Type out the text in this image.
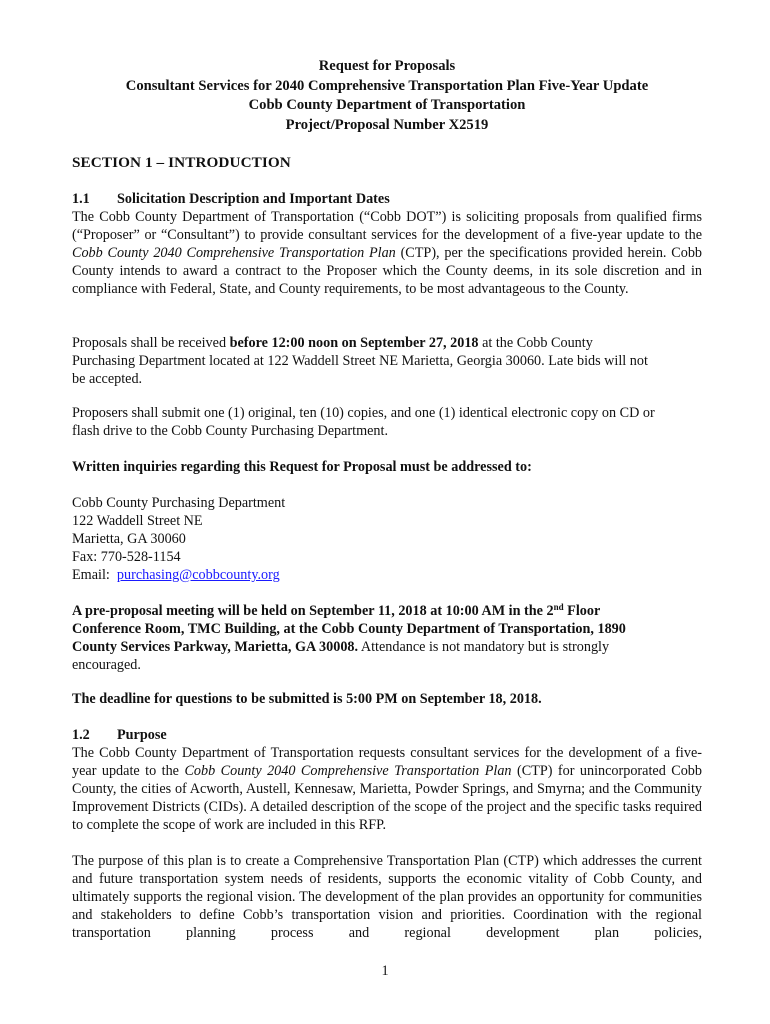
Request for Proposals
Consultant Services for 2040 Comprehensive Transportation Plan Five-Year Update
Cobb County Department of Transportation
Project/Proposal Number X2519
SECTION 1 – INTRODUCTION
1.1 Solicitation Description and Important Dates
The Cobb County Department of Transportation (“Cobb DOT”) is soliciting proposals from qualified firms (“Proposer” or “Consultant”) to provide consultant services for the development of a five-year update to the Cobb County 2040 Comprehensive Transportation Plan (CTP), per the specifications provided herein. Cobb County intends to award a contract to the Proposer which the County deems, in its sole discretion and in compliance with Federal, State, and County requirements, to be most advantageous to the County.
Proposals shall be received before 12:00 noon on September 27, 2018 at the Cobb County
Purchasing Department located at 122 Waddell Street NE Marietta, Georgia 30060. Late bids will not
be accepted.
Proposers shall submit one (1) original, ten (10) copies, and one (1) identical electronic copy on CD or
flash drive to the Cobb County Purchasing Department.
Written inquiries regarding this Request for Proposal must be addressed to:
Cobb County Purchasing Department
122 Waddell Street NE
Marietta, GA 30060
Fax: 770-528-1154
Email:  purchasing@cobbcounty.org
A pre-proposal meeting will be held on September 11, 2018 at 10:00 AM in the 2nd Floor
Conference Room, TMC Building, at the Cobb County Department of Transportation, 1890
County Services Parkway, Marietta, GA 30008. Attendance is not mandatory but is strongly
encouraged.
The deadline for questions to be submitted is 5:00 PM on September 18, 2018.
1.2 Purpose
The Cobb County Department of Transportation requests consultant services for the development of a five-year update to the Cobb County 2040 Comprehensive Transportation Plan (CTP) for unincorporated Cobb County, the cities of Acworth, Austell, Kennesaw, Marietta, Powder Springs, and Smyrna; and the Community Improvement Districts (CIDs). A detailed description of the scope of the project and the specific tasks required to complete the scope of work are included in this RFP.
The purpose of this plan is to create a Comprehensive Transportation Plan (CTP) which addresses the current and future transportation system needs of residents, supports the economic vitality of Cobb County, and ultimately supports the regional vision. The development of the plan provides an opportunity for communities and stakeholders to define Cobb’s transportation vision and priorities. Coordination with the regional transportation planning process and regional development plan policies,
1
